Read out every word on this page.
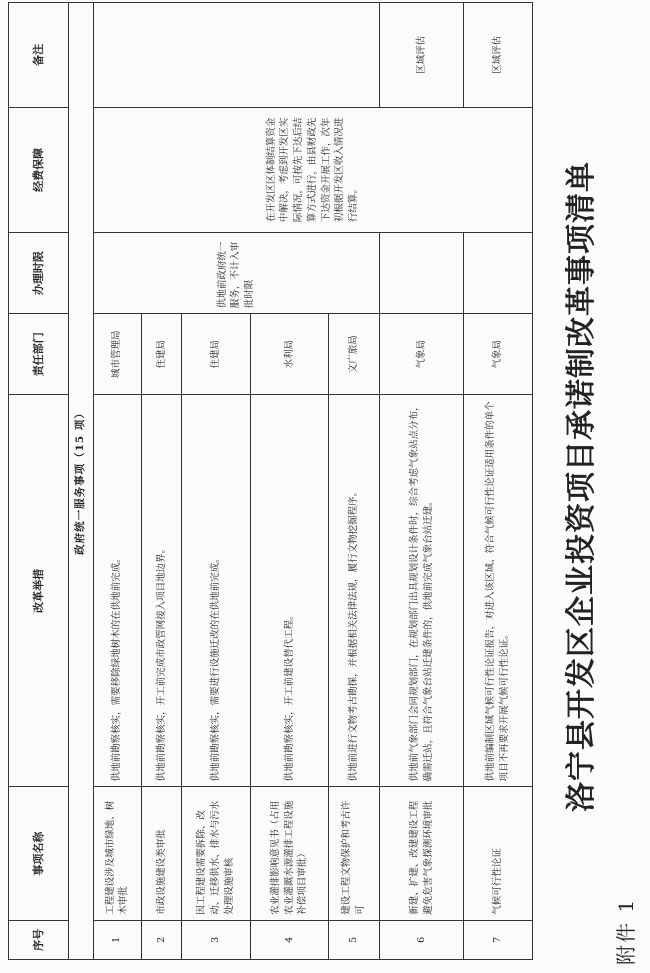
附件 1
序号	事项名称	改革举措	责任部门	办理时限	经费保障	备注
政府统一服务事项（15 项）						
1	工程建设涉及城市绿地、树木审批	供地前勘察核实，需要移除绿地树木的在供地前完成。	城市管理局	供地前政府统一服务，不计入审批时限	在开发区区体制结算资金中解决，考虑到开发区实际情况，可按先下达后结算方式进行，由县财政先下达资金开展工作，次年初根据开发区收入情况进行结算。	
2	市政设施建设类审批	供地前勘察核实，开工前完成市政管网接入项目地边界。	住建局			
3	因工程建设需要拆除、改动、迁移供水、排水与污水处理设施审核	供地前勘察核实，需要进行设施迁改的在供地前完成。	住建局			
4	农业灌排影响意见书（占用农业灌溉水源灌排工程设施补偿项目审批）	供地前勘察核实，开工前建设替代工程。	水利局			
5	建设工程文物保护和考古许可	供地前进行文物考古勘探，并根据相关法律法规，履行文物挖掘程序。	文广旅局			
6	新建、扩建、改建建设工程避免危害气象探测环境审批	供地前气象部门会同规划部门，在规划部门出具规划设计条件时，综合考虑气象站点分布，确需迁站，且符合气象台站迁建条件的，供地前完成气象台站迁建。	气象局			区域评估
7	气候可行性论证	供地前编制区域气候可行性论证报告，对进入该区域、符合气候可行性论证适用条件的单个项目不再要求开展气候可行性论证。	气象局			区域评估
洛宁县开发区企业投资项目承诺制改革事项清单
